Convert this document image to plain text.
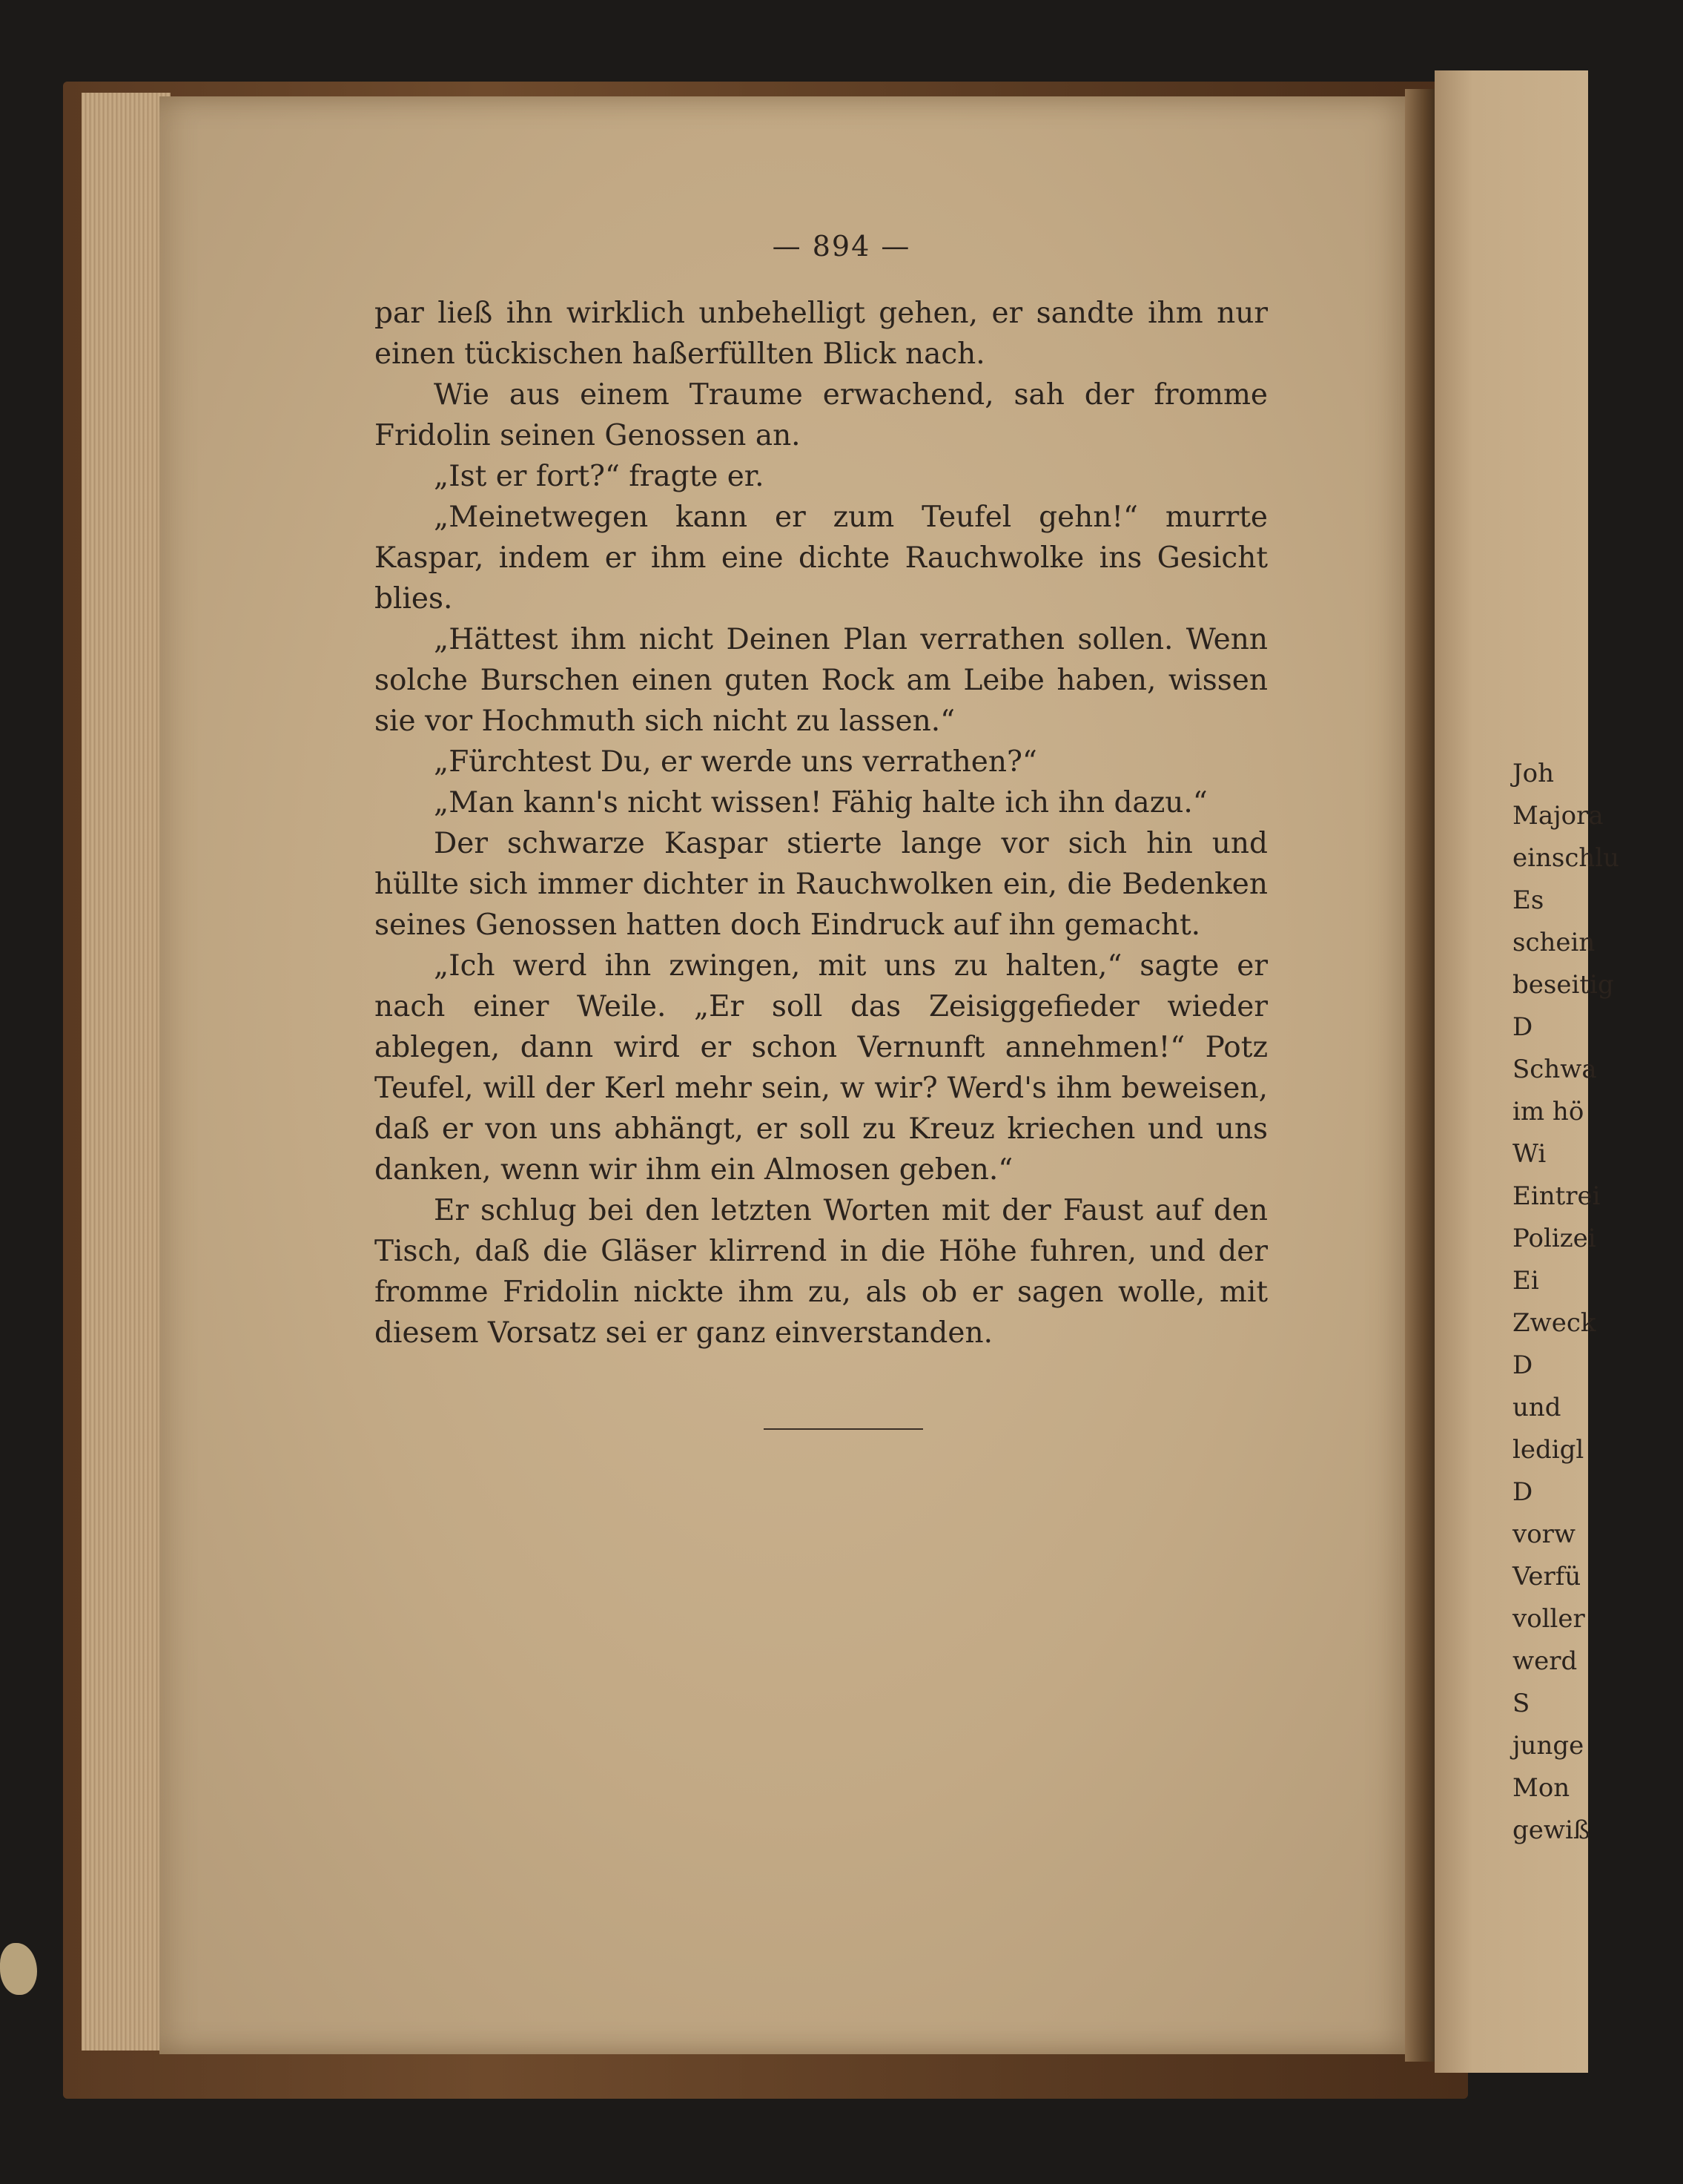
— 894 —

par ließ ihn wirklich unbehelligt gehen, er sandte ihm nur einen tückischen haßerfüllten Blick nach.

Wie aus einem Traume erwachend, sah der fromme Fridolin seinen Genossen an.

„Ist er fort?“ fragte er.

„Meinetwegen kann er zum Teufel gehn!“ murrte Kaspar, indem er ihm eine dichte Rauchwolke ins Gesicht blies.

„Hättest ihm nicht Deinen Plan verrathen sollen. Wenn solche Burschen einen guten Rock am Leibe haben, wissen sie vor Hochmuth sich nicht zu lassen.“

„Fürchtest Du, er werde uns verrathen?“

„Man kann's nicht wissen! Fähig halte ich ihn dazu.“

Der schwarze Kaspar stierte lange vor sich hin und hüllte sich immer dichter in Rauchwolken ein, die Bedenken seines Genossen hatten doch Eindruck auf ihn gemacht.

„Ich werd ihn zwingen, mit uns zu halten,“ sagte er nach einer Weile. „Er soll das Zeisiggefieder wieder ablegen, dann wird er schon Vernunft annehmen!“ Potz Teufel, will der Kerl mehr sein, w wir? Werd's ihm beweisen, daß er von uns abhängt, er soll zu Kreuz kriechen und uns danken, wenn wir ihm ein Almosen geben.“

Er schlug bei den letzten Worten mit der Faust auf den Tisch, daß die Gläser klirrend in die Höhe fuhren, und der fromme Fridolin nickte ihm zu, als ob er sagen wolle, mit diesem Vorsatz sei er ganz einverstanden.

Joh
Majora
einschlu
Es
schein
beseitig
D
Schwa
im hö
Wi
Eintrei
Polizei
Ei
Zweck
D
und
ledigl
D
vorw
Verfü
voller
werd
S
junge
Mon
gewiß
